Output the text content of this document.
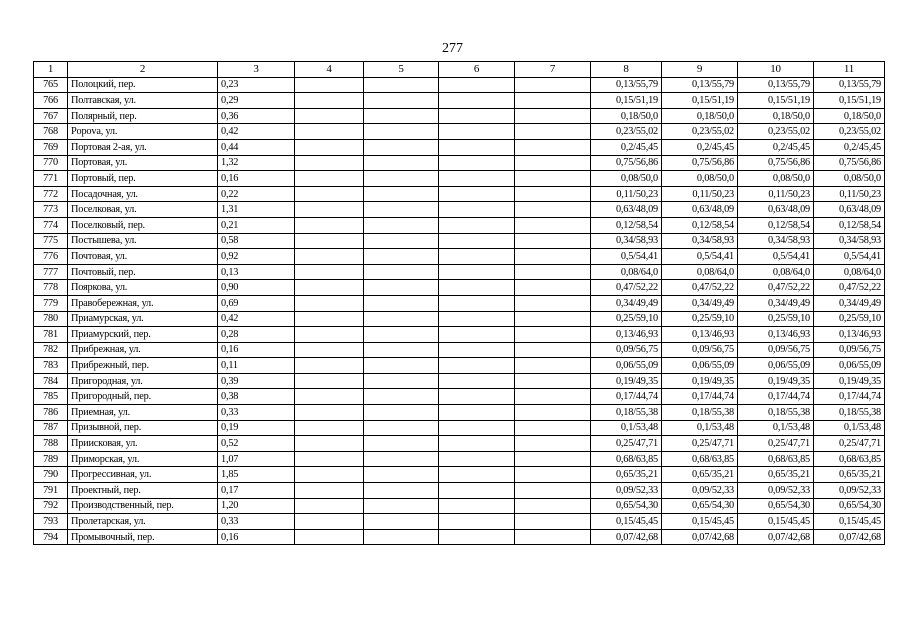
277
1	2	3	4	5	6	7	8	9	10	11
765	Полоцкий, пер.	0,23					0,13/55,79	0,13/55,79	0,13/55,79	0,13/55,79
766	Полтавская, ул.	0,29					0,15/51,19	0,15/51,19	0,15/51,19	0,15/51,19
767	Полярный, пер.	0,36					0,18/50,0	0,18/50,0	0,18/50,0	0,18/50,0
768	Popova, ул.	0,42					0,23/55,02	0,23/55,02	0,23/55,02	0,23/55,02
769	Портовая 2-ая, ул.	0,44					0,2/45,45	0,2/45,45	0,2/45,45	0,2/45,45
770	Портовая, ул.	1,32					0,75/56,86	0,75/56,86	0,75/56,86	0,75/56,86
771	Портовый, пер.	0,16					0,08/50,0	0,08/50,0	0,08/50,0	0,08/50,0
772	Посадочная, ул.	0,22					0,11/50,23	0,11/50,23	0,11/50,23	0,11/50,23
773	Поселковая, ул.	1,31					0,63/48,09	0,63/48,09	0,63/48,09	0,63/48,09
774	Поселковый, пер.	0,21					0,12/58,54	0,12/58,54	0,12/58,54	0,12/58,54
775	Постышева, ул.	0,58					0,34/58,93	0,34/58,93	0,34/58,93	0,34/58,93
776	Почтовая, ул.	0,92					0,5/54,41	0,5/54,41	0,5/54,41	0,5/54,41
777	Почтовый, пер.	0,13					0,08/64,0	0,08/64,0	0,08/64,0	0,08/64,0
778	Пояркова, ул.	0,90					0,47/52,22	0,47/52,22	0,47/52,22	0,47/52,22
779	Правобережная, ул.	0,69					0,34/49,49	0,34/49,49	0,34/49,49	0,34/49,49
780	Приамурская, ул.	0,42					0,25/59,10	0,25/59,10	0,25/59,10	0,25/59,10
781	Приамурский, пер.	0,28					0,13/46,93	0,13/46,93	0,13/46,93	0,13/46,93
782	Прибрежная, ул.	0,16					0,09/56,75	0,09/56,75	0,09/56,75	0,09/56,75
783	Прибрежный, пер.	0,11					0,06/55,09	0,06/55,09	0,06/55,09	0,06/55,09
784	Пригородная, ул.	0,39					0,19/49,35	0,19/49,35	0,19/49,35	0,19/49,35
785	Пригородный, пер.	0,38					0,17/44,74	0,17/44,74	0,17/44,74	0,17/44,74
786	Приемная, ул.	0,33					0,18/55,38	0,18/55,38	0,18/55,38	0,18/55,38
787	Призывной, пер.	0,19					0,1/53,48	0,1/53,48	0,1/53,48	0,1/53,48
788	Приисковая, ул.	0,52					0,25/47,71	0,25/47,71	0,25/47,71	0,25/47,71
789	Приморская, ул.	1,07					0,68/63,85	0,68/63,85	0,68/63,85	0,68/63,85
790	Прогрессивная, ул.	1,85					0,65/35,21	0,65/35,21	0,65/35,21	0,65/35,21
791	Проектный, пер.	0,17					0,09/52,33	0,09/52,33	0,09/52,33	0,09/52,33
792	Производственный, пер.	1,20					0,65/54,30	0,65/54,30	0,65/54,30	0,65/54,30
793	Пролетарская, ул.	0,33					0,15/45,45	0,15/45,45	0,15/45,45	0,15/45,45
794	Промывочный, пер.	0,16					0,07/42,68	0,07/42,68	0,07/42,68	0,07/42,68
